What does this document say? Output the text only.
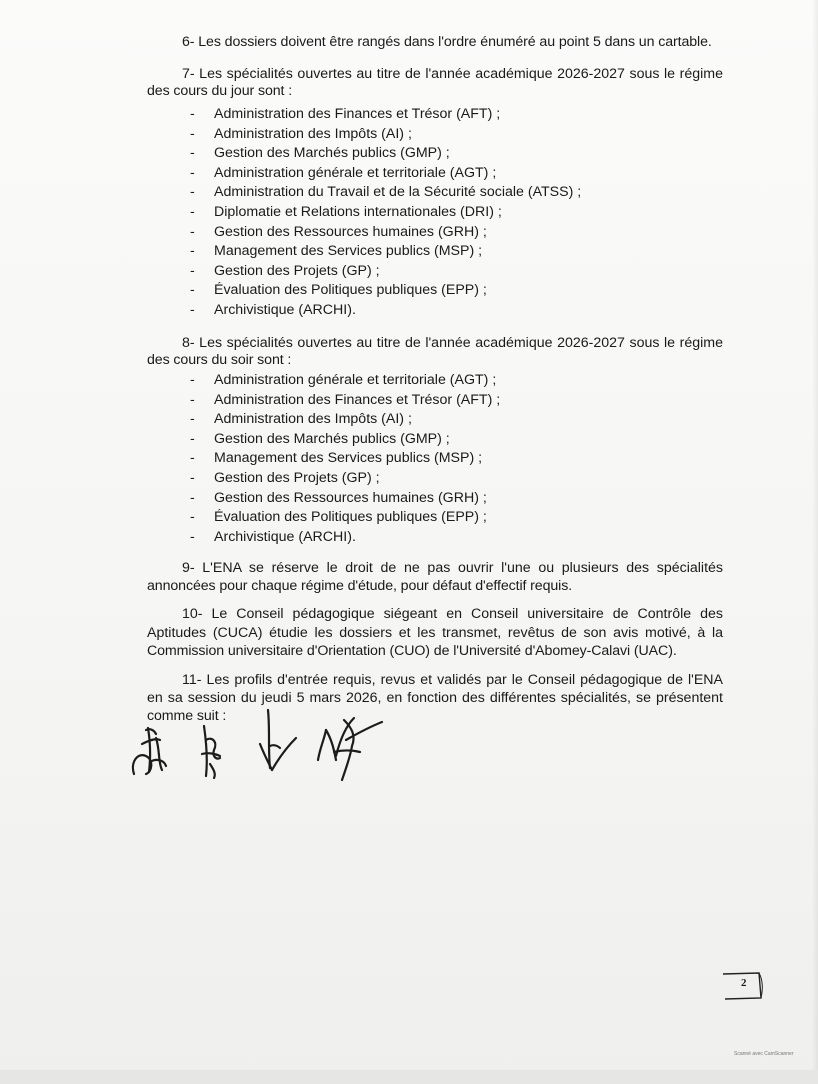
6- Les dossiers doivent être rangés dans l'ordre énuméré au point 5 dans un cartable.
7- Les spécialités ouvertes au titre de l'année académique 2026-2027 sous le régime
des cours du jour sont :
-	Administration des Finances et Trésor (AFT) ;
-	Administration des Impôts (AI) ;
-	Gestion des Marchés publics (GMP) ;
-	Administration générale et territoriale (AGT) ;
-	Administration du Travail et de la Sécurité sociale (ATSS) ;
-	Diplomatie et Relations internationales (DRI) ;
-	Gestion des Ressources humaines (GRH) ;
-	Management des Services publics (MSP) ;
-	Gestion des Projets (GP) ;
-	Évaluation des Politiques publiques (EPP) ;
-	Archivistique (ARCHI).
8- Les spécialités ouvertes au titre de l'année académique 2026-2027 sous le régime
des cours du soir sont :
-	Administration générale et territoriale (AGT) ;
-	Administration des Finances et Trésor (AFT) ;
-	Administration des Impôts (AI) ;
-	Gestion des Marchés publics (GMP) ;
-	Management des Services publics (MSP) ;
-	Gestion des Projets (GP) ;
-	Gestion des Ressources humaines (GRH) ;
-	Évaluation des Politiques publiques (EPP) ;
-	Archivistique (ARCHI).
9- L'ENA se réserve le droit de ne pas ouvrir l'une ou plusieurs des spécialités
annoncées pour chaque régime d'étude, pour défaut d'effectif requis.
10- Le Conseil pédagogique siégeant en Conseil universitaire de Contrôle des
Aptitudes (CUCA) étudie les dossiers et les transmet, revêtus de son avis motivé, à la
Commission universitaire d'Orientation (CUO) de l'Université d'Abomey-Calavi (UAC).
11- Les profils d'entrée requis, revus et validés par le Conseil pédagogique de l'ENA
en sa session du jeudi 5 mars 2026, en fonction des différentes spécialités, se présentent
comme suit :
2
Scanné avec CamScanner
